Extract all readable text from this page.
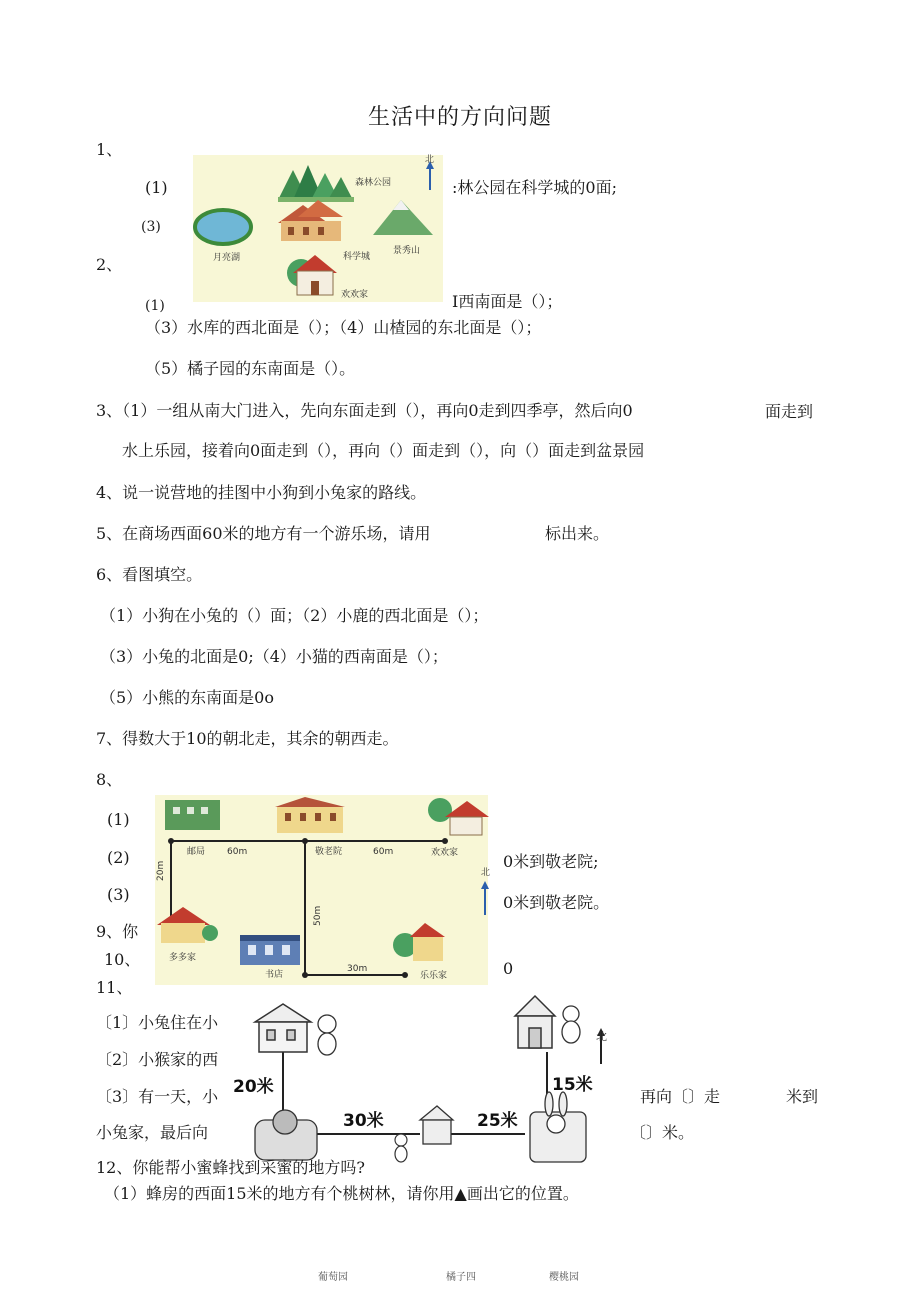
生活中的方向问题
1、
(1)	:林公园在科学城的0面;
(3)
森林公园
北
月亮湖	科学城
景秀山
欢欢家
2、
(1)	I西南面是（）；
（3）水库的西北面是（）；（4）山楂园的东北面是（）；
（5）橘子园的东南面是（）。
3、（1）一组从南大门进入，先向东面走到（），再向0走到四季亭，然后向0	面走到
水上乐园，接着向0面走到（），再向（）面走到（），向（）面走到盆景园
4、说一说营地的挂图中小狗到小兔家的路线。
5、在商场西面60米的地方有一个游乐场，请用	标出来。
6、看图填空。
（1）小狗在小兔的（）面；（2）小鹿的西北面是（）；
（3）小兔的北面是0;（4）小猫的西南面是（）；
（5）小熊的东南面是0o
7、得数大于10的朝北走，其余的朝西走。
8、
(1)
(2)	0米到敬老院;
(3)	0米到敬老院。
邮局 60m	敬老院	60m	欢欢家
20m
50m
30m
多多家
书店	乐乐家
北
9、你
10、	0
11、
〔1〕小兔住在小
〔2〕小猴家的西
〔3〕有一天，小	再向〔〕走	米到
小兔家，最后向	〔〕米。
北
20米
30米	25米
15米
12、你能帮小蜜蜂找到采蜜的地方吗?
（1）蜂房的西面15米的地方有个桃树林，请你用▲画出它的位置。
葡萄园	橘子四	樱桃园
